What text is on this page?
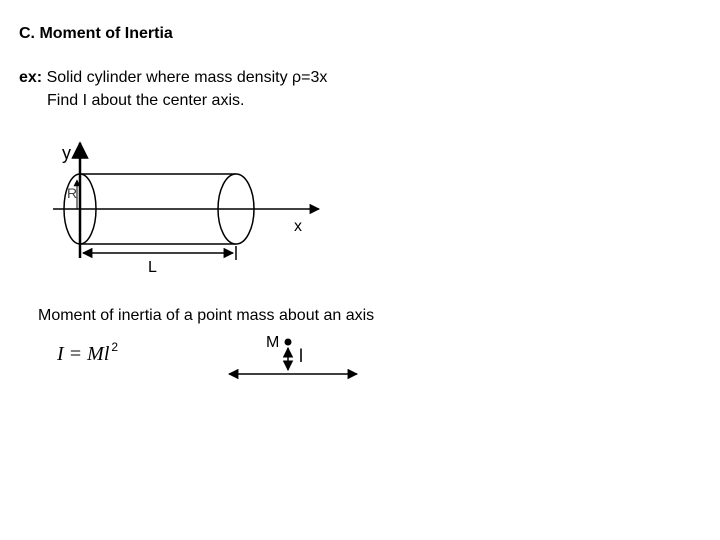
C. Moment of Inertia
ex: Solid cylinder where mass density ρ=3x
Find I about the center axis.
y
R
x
L
Moment of inertia of a point mass about an axis
I = Ml $^2$	M
l
